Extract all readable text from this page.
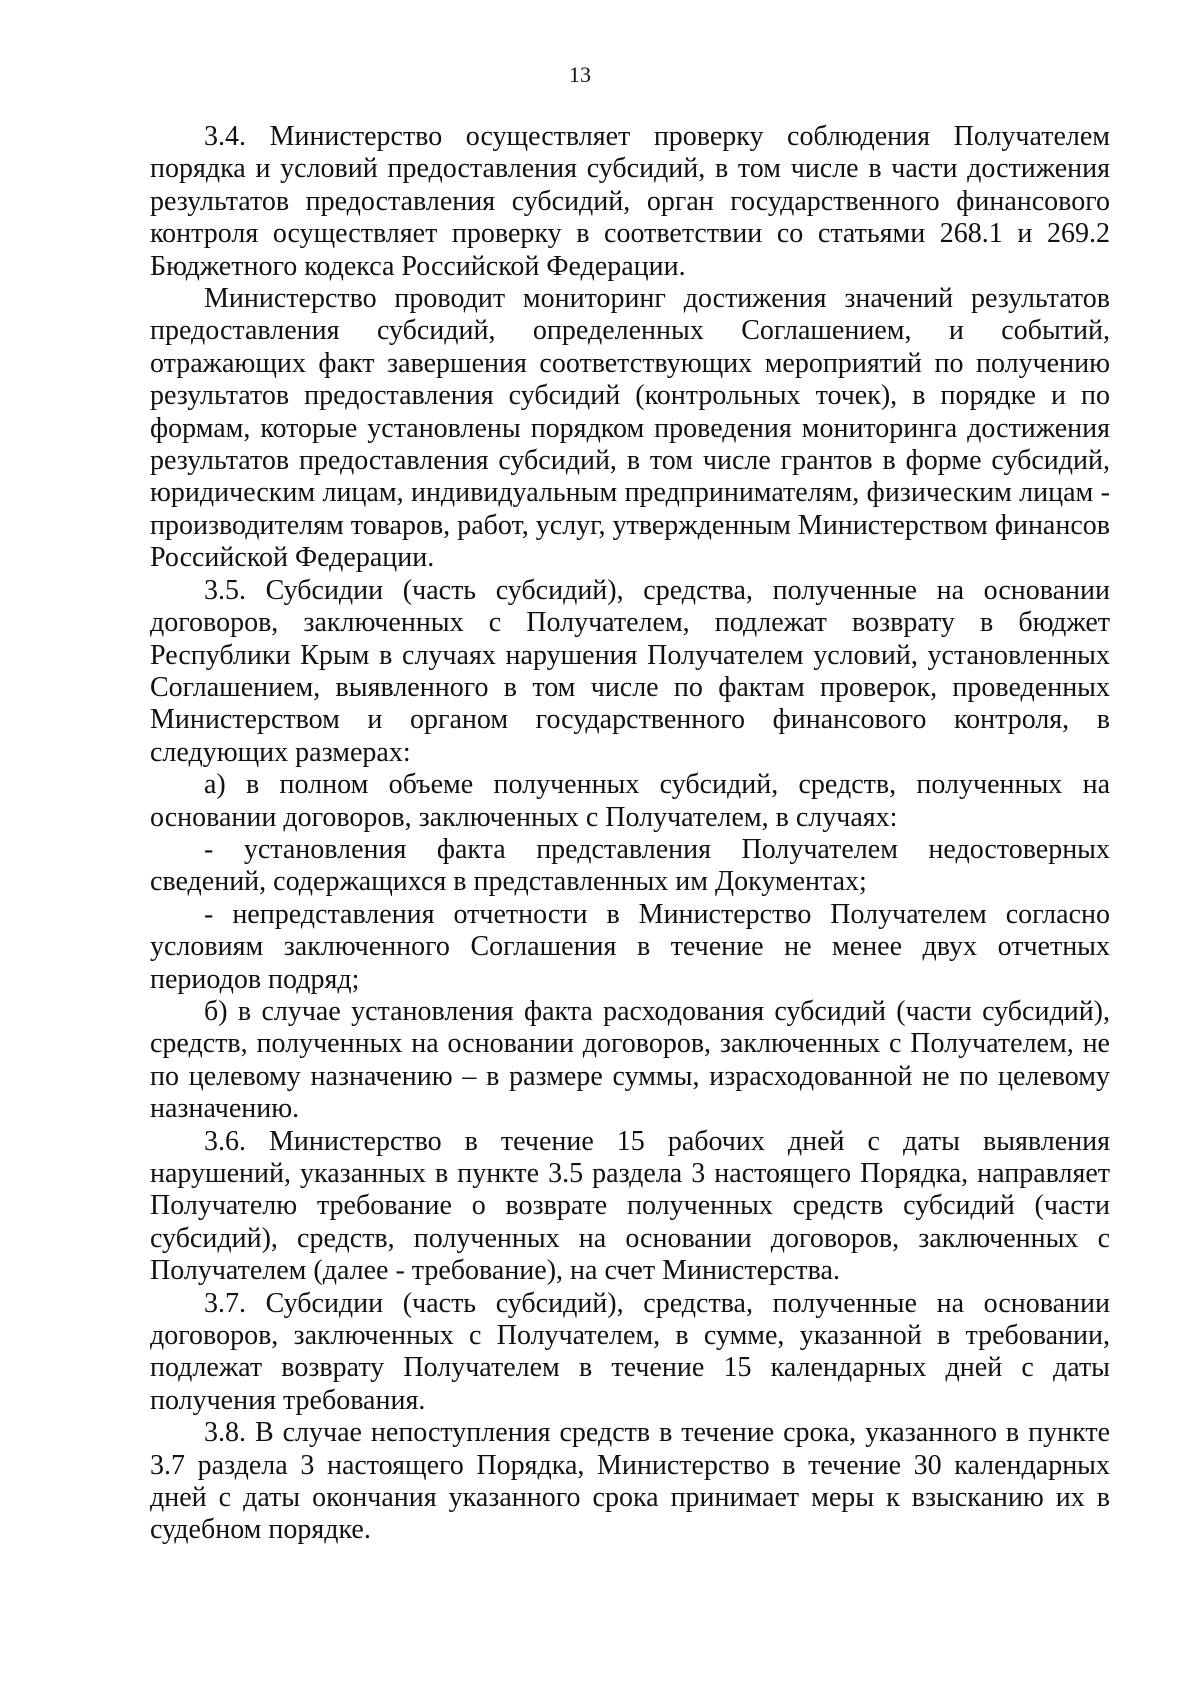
13

3.4. Министерство осуществляет проверку соблюдения Получателем порядка и условий предоставления субсидий, в том числе в части достижения результатов предоставления субсидий, орган государственного финансового контроля осуществляет проверку в соответствии со статьями 268.1 и 269.2 Бюджетного кодекса Российской Федерации.

Министерство проводит мониторинг достижения значений результатов предоставления субсидий, определенных Соглашением, и событий, отражающих факт завершения соответствующих мероприятий по получению результатов предоставления субсидий (контрольных точек), в порядке и по формам, которые установлены порядком проведения мониторинга достижения результатов предоставления субсидий, в том числе грантов в форме субсидий, юридическим лицам, индивидуальным предпринимателям, физическим лицам - производителям товаров, работ, услуг, утвержденным Министерством финансов Российской Федерации.

3.5. Субсидии (часть субсидий), средства, полученные на основании договоров, заключенных с Получателем, подлежат возврату в бюджет Республики Крым в случаях нарушения Получателем условий, установленных Соглашением, выявленного в том числе по фактам проверок, проведенных Министерством и органом государственного финансового контроля, в следующих размерах:

а) в полном объеме полученных субсидий, средств, полученных на основании договоров, заключенных с Получателем, в случаях:

- установления факта представления Получателем недостоверных сведений, содержащихся в представленных им Документах;

- непредставления отчетности в Министерство Получателем согласно условиям заключенного Соглашения в течение не менее двух отчетных периодов подряд;

б) в случае установления факта расходования субсидий (части субсидий), средств, полученных на основании договоров, заключенных с Получателем, не по целевому назначению – в размере суммы, израсходованной не по целевому назначению.

3.6. Министерство в течение 15 рабочих дней с даты выявления нарушений, указанных в пункте 3.5 раздела 3 настоящего Порядка, направляет Получателю требование о возврате полученных средств субсидий (части субсидий), средств, полученных на основании договоров, заключенных с Получателем (далее - требование), на счет Министерства.

3.7. Субсидии (часть субсидий), средства, полученные на основании договоров, заключенных с Получателем, в сумме, указанной в требовании, подлежат возврату Получателем в течение 15 календарных дней с даты получения требования.

3.8. В случае непоступления средств в течение срока, указанного в пункте 3.7 раздела 3 настоящего Порядка, Министерство в течение 30 календарных дней с даты окончания указанного срока принимает меры к взысканию их в судебном порядке.
